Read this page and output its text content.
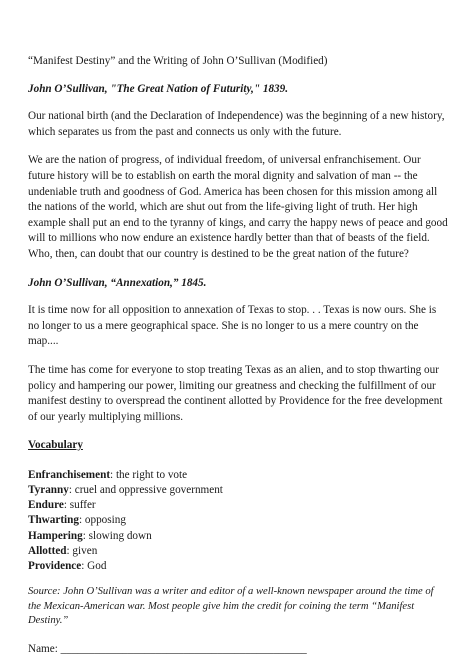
“Manifest Destiny” and the Writing of John O’Sullivan (Modified)

John O’Sullivan, "The Great Nation of Futurity," 1839.

Our national birth (and the Declaration of Independence) was the beginning of a new history, which separates us from the past and connects us only with the future.

We are the nation of progress, of individual freedom, of universal enfranchisement. Our future history will be to establish on earth the moral dignity and salvation of man -- the undeniable truth and goodness of God. America has been chosen for this mission among all the nations of the world, which are shut out from the life-giving light of truth. Her high example shall put an end to the tyranny of kings, and carry the happy news of peace and good will to millions who now endure an existence hardly better than that of beasts of the field. Who, then, can doubt that our country is destined to be the great nation of the future?

John O’Sullivan, “Annexation,” 1845.

It is time now for all opposition to annexation of Texas to stop. . . Texas is now ours. She is no longer to us a mere geographical space. She is no longer to us a mere country on the map....

The time has come for everyone to stop treating Texas as an alien, and to stop thwarting our policy and hampering our power, limiting our greatness and checking the fulfillment of our manifest destiny to overspread the continent allotted by Providence for the free development of our yearly multiplying millions.

Vocabulary

Enfranchisement: the right to vote
Tyranny: cruel and oppressive government
Endure: suffer
Thwarting: opposing
Hampering: slowing down
Allotted: given
Providence: God

Source: John O’Sullivan was a writer and editor of a well-known newspaper around the time of the Mexican-American war. Most people give him the credit for coining the term “Manifest Destiny.”

Name: ____________________________________________
